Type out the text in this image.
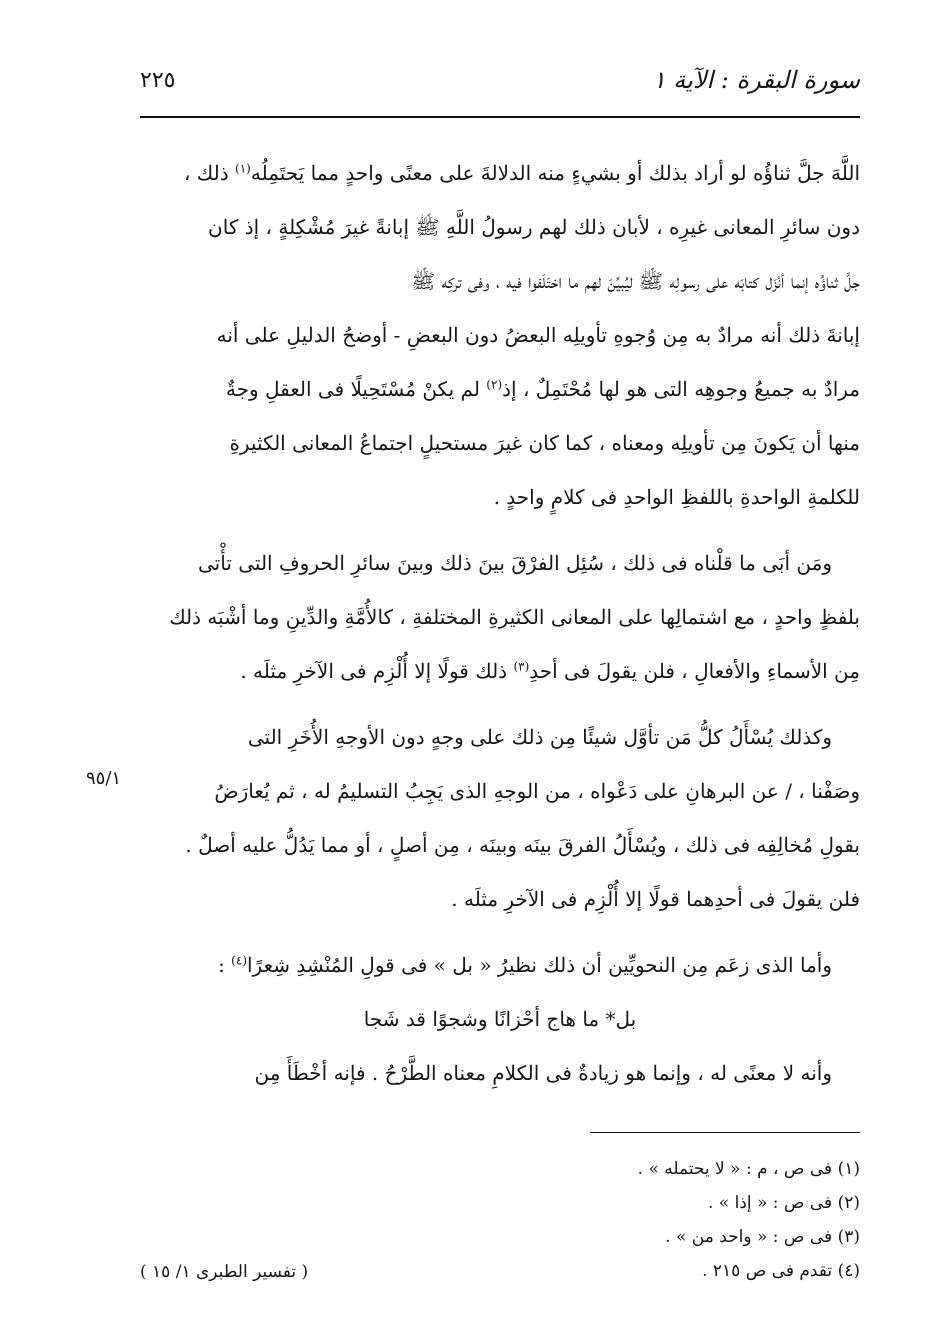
سورة البقرة : الآية ١
٢٢٥
اللَّهَ جلَّ ثناؤُه لو أراد بذلك أو بشيءٍ منه الدلالةَ على معنًى واحدٍ مما يَحتَمِلُه$^{(١)}$ ذلك ،
دون سائرِ المعانى غيرِه ، لأبان ذلك لهم رسولُ اللَّهِ ﷺ إبانةً غيرَ مُشْكِلةٍ ، إذ كان
جلَّ ثناؤُه إنما أنْزَل كتابَه على رسولِه ﷺ ليُبيِّنَ لهم ما اختَلَفوا فيه ، وفى تركِه ﷺ
إبانةَ ذلك أنه مرادٌ به مِن وُجوهِ تأويلِه البعضُ دون البعضِ - أوضحُ الدليلِ على أنه
مرادٌ به جميعُ وجوهِه التى هو لها مُحْتَمِلٌ ، إذ$^{(٢)}$ لم يكنْ مُسْتَحِيلًا فى العقلِ وجةٌ
منها أن يَكونَ مِن تأويلِه ومعناه ، كما كان غيرَ مستحيلٍ اجتماعُ المعانى الكثيرةِ
للكلمةِ الواحدةِ باللفظِ الواحدِ فى كلامٍ واحدٍ .
ومَن أبَى ما قلْناه فى ذلك ، سُئِل الفرْقَ بينَ ذلك وبينَ سائرِ الحروفِ التى تأْتى
بلفظٍ واحدٍ ، مع اشتمالِها على المعانى الكثيرةِ المختلفةِ ، كالأُمَّةِ والدِّينِ وما أشْبَه ذلك
مِن الأسماءِ والأفعالِ ، فلن يقولَ فى أحدِ$^{(٣)}$ ذلك قولًا إلا أُلْزِم فى الآخرِ مثلَه .
وكذلك يُسْأَلُ كلُّ مَن تأوَّل شيئًا مِن ذلك على وجهٍ دون الأوجهِ الأُخَرِ التى
وصَفْنا ، / عن البرهانِ على دَعْواه ، من الوجهِ الذى يَجِبُ التسليمُ له ، ثم يُعارَضُ
بقولِ مُخالِفِه فى ذلك ، ويُسْأَلُ الفرقَ بينَه وبينَه ، مِن أصلٍ ، أو مما يَدُلُّ عليه أصلٌ .
فلن يقولَ فى أحدِهما قولًا إلا أُلْزِم فى الآخرِ مثلَه .
وأما الذى زعَم مِن النحويِّين أن ذلك نظيرُ « بل » فى قولِ المُنْشِدِ شِعرًا$^{(٤)}$ :
بل* ما هاج أحْزانًا وشجوًا قد شَجا
وأنه لا معنًى له ، وإنما هو زيادةٌ فى الكلامِ معناه الطَّرْحُ . فإنه أخْطَأَ مِن
٩٥/١
(١) فى ص ، م : « لا يحتمله » .
(٢) فى ص : « إذا » .
(٣) فى ص : « واحد من » .
(٤) تقدم فى ص ٢١٥ .
( تفسير الطبرى ١/ ١٥ )
